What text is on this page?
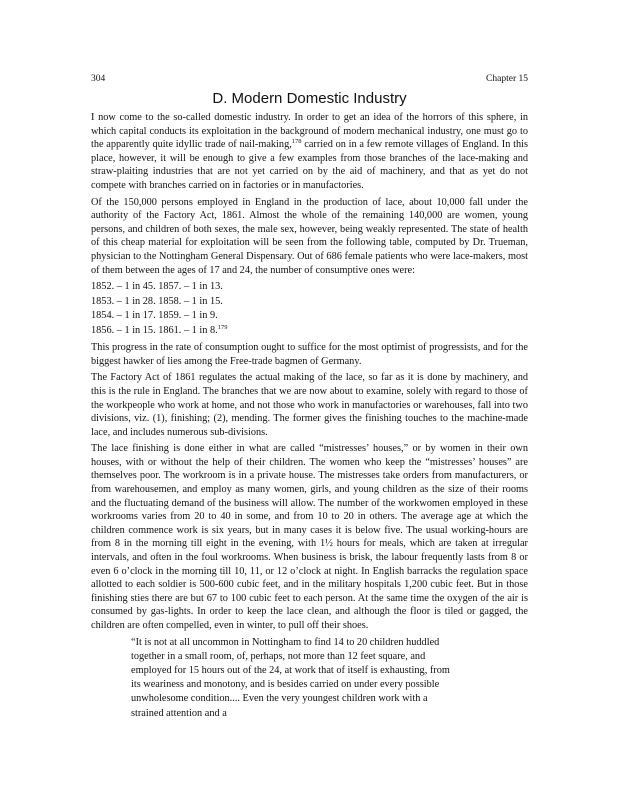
304	Chapter 15
D. Modern Domestic Industry

I now come to the so-called domestic industry. In order to get an idea of the horrors of this sphere, in which capital conducts its exploitation in the background of modern mechanical industry, one must go to the apparently quite idyllic trade of nail-making,$^{178}$ carried on in a few remote villages of England. In this place, however, it will be enough to give a few examples from those branches of the lace-making and straw-plaiting industries that are not yet carried on by the aid of machinery, and that as yet do not compete with branches carried on in factories or in manufactories.

Of the 150,000 persons employed in England in the production of lace, about 10,000 fall under the authority of the Factory Act, 1861. Almost the whole of the remaining 140,000 are women, young persons, and children of both sexes, the male sex, however, being weakly represented. The state of health of this cheap material for exploitation will be seen from the following table, computed by Dr. Trueman, physician to the Nottingham General Dispensary. Out of 686 female patients who were lace-makers, most of them between the ages of 17 and 24, the number of consumptive ones were:

1852. – 1 in 45. 1857. – 1 in 13.
1853. – 1 in 28. 1858. – 1 in 15.
1854. – 1 in 17. 1859. – 1 in 9.
1856. – 1 in 15. 1861. – 1 in 8.$^{179}$

This progress in the rate of consumption ought to suffice for the most optimist of progressists, and for the biggest hawker of lies among the Free-trade bagmen of Germany.

The Factory Act of 1861 regulates the actual making of the lace, so far as it is done by machinery, and this is the rule in England. The branches that we are now about to examine, solely with regard to those of the workpeople who work at home, and not those who work in manufactories or warehouses, fall into two divisions, viz. (1), finishing; (2), mending. The former gives the finishing touches to the machine-made lace, and includes numerous sub-divisions.

The lace finishing is done either in what are called “mistresses’ houses,” or by women in their own houses, with or without the help of their children. The women who keep the “mistresses’ houses” are themselves poor. The workroom is in a private house. The mistresses take orders from manufacturers, or from warehousemen, and employ as many women, girls, and young children as the size of their rooms and the fluctuating demand of the business will allow. The number of the workwomen employed in these workrooms varies from 20 to 40 in some, and from 10 to 20 in others. The average age at which the children commence work is six years, but in many cases it is below five. The usual working-hours are from 8 in the morning till eight in the evening, with 1½ hours for meals, which are taken at irregular intervals, and often in the foul workrooms. When business is brisk, the labour frequently lasts from 8 or even 6 o’clock in the morning till 10, 11, or 12 o’clock at night. In English barracks the regulation space allotted to each soldier is 500-600 cubic feet, and in the military hospitals 1,200 cubic feet. But in those finishing sties there are but 67 to 100 cubic feet to each person. At the same time the oxygen of the air is consumed by gas-lights. In order to keep the lace clean, and although the floor is tiled or gagged, the children are often compelled, even in winter, to pull off their shoes.

“It is not at all uncommon in Nottingham to find 14 to 20 children huddled together in a small room, of, perhaps, not more than 12 feet square, and employed for 15 hours out of the 24, at work that of itself is exhausting, from its weariness and monotony, and is besides carried on under every possible unwholesome condition.... Even the very youngest children work with a strained attention and a
